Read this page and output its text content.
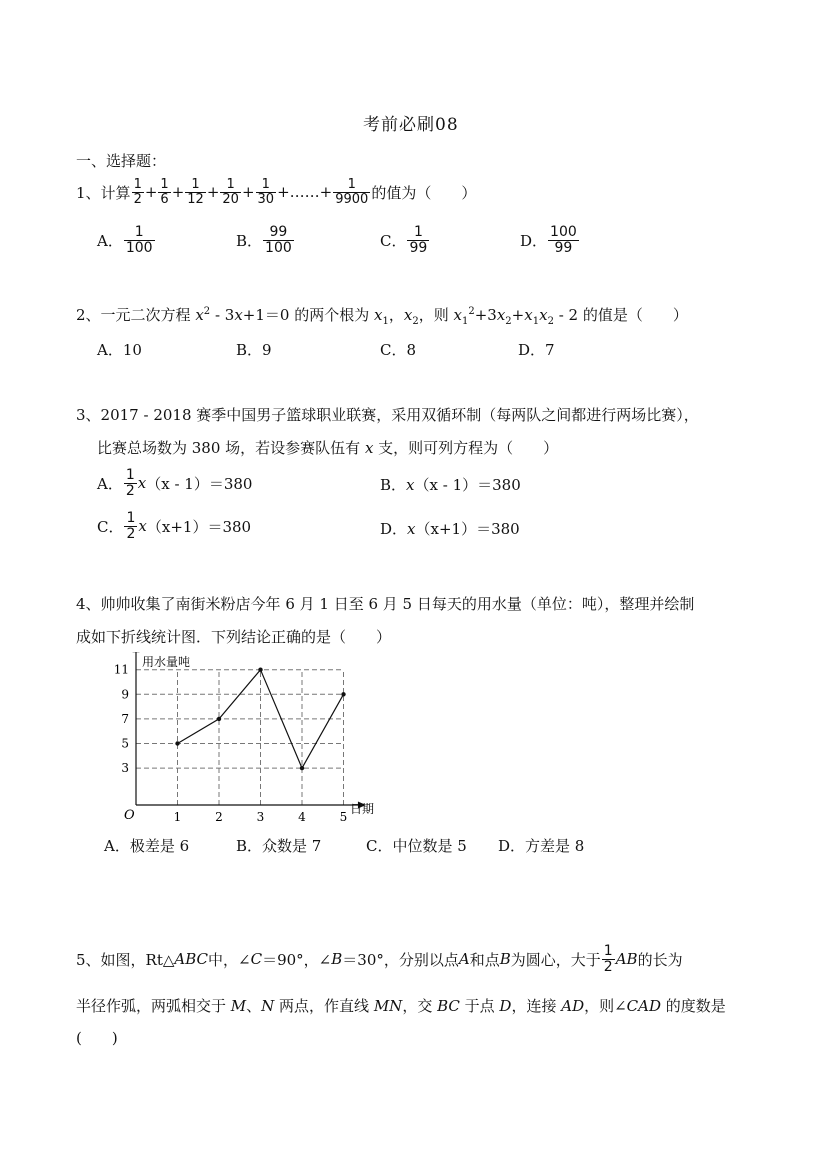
考前必刷08
一、选择题：
1、 计算 $\frac{1}{2} + \frac{1}{6} + \frac{1}{12} + \frac{1}{20} + \frac{1}{30}$ +……+ $\frac{1}{9900}$ 的值为（　　）
A． $\frac{1}{100}$	B． $\frac{99}{100}$	C． $\frac{1}{99}$	D． $\frac{100}{99}$
2、一元二次方程 $x^2 - 3x+1=0$ 的两个根为 $x_1$，$x_2$，则 $x_1^2+3x_2+x_1x_2 - 2$ 的值是（　　）
A．10	B．9	C．8	D．7
3、2017 - 2018 赛季中国男子篮球职业联赛，采用双循环制（每两队之间都进行两场比赛），
比赛总场数为 380 场，若设参赛队伍有 x 支，则可列方程为（　　）
A． $\frac{1}{2}$ x （x - 1）＝380	B． x （x - 1）＝380
C． $\frac{1}{2}$ x （x+1）＝380	D． x （x+1）＝380
4、帅帅收集了南街米粉店今年 6 月 1 日至 6 月 5 日每天的用水量（单位：吨），整理并绘制
成如下折线统计图．下列结论正确的是（　　）
3
5
7
9
11
1	2	3	4	5
用水量吨
日期
O
A．极差是 6	B．众数是 7	C．中位数是 5 D．方差是 8
5、 如图，Rt△ ABC 中，∠ C ＝90°，∠ B ＝30°，分别以点 A 和点 B 为圆心，大于 $\frac{1}{2}$ AB 的长为
半径作弧，两弧相交于 M、N 两点，作直线 MN，交 BC 于点 D，连接 AD，则∠CAD 的度数是
(　　)
